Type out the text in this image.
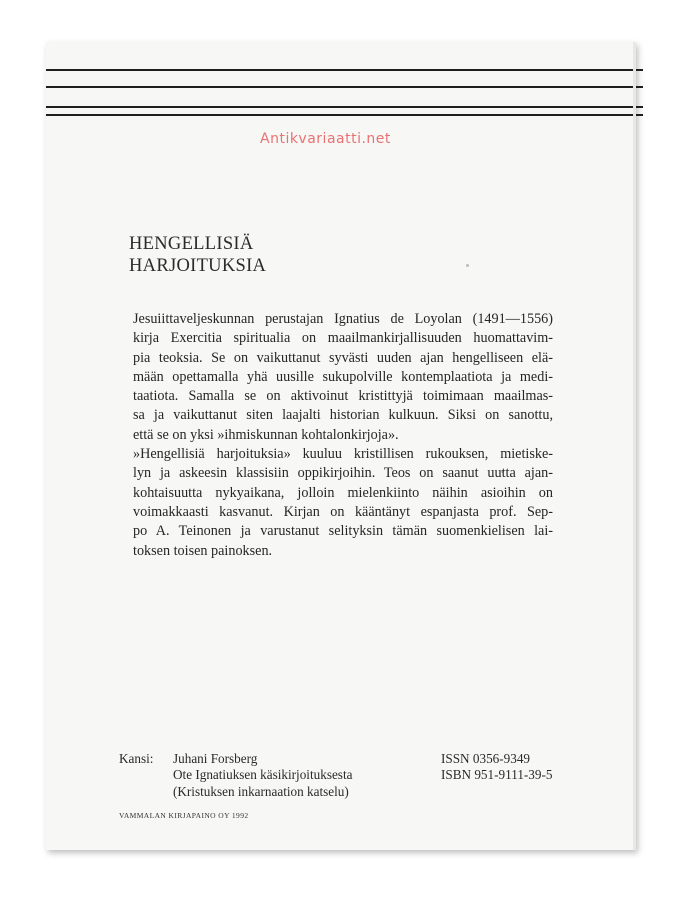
Antikvariaatti.net
HENGELLISIÄ
HARJOITUKSIA
Jesuiittaveljeskunnan perustajan Ignatius de Loyolan (1491—1556)
kirja Exercitia spiritualia on maailmankirjallisuuden huomattavim-
pia teoksia. Se on vaikuttanut syvästi uuden ajan hengelliseen elä-
mään opettamalla yhä uusille sukupolville kontemplaatiota ja medi-
taatiota. Samalla se on aktivoinut kristittyjä toimimaan maailmas-
sa ja vaikuttanut siten laajalti historian kulkuun. Siksi on sanottu,
että se on yksi »ihmiskunnan kohtalonkirjoja».
»Hengellisiä harjoituksia» kuuluu kristillisen rukouksen, mietiske-
lyn ja askeesin klassisiin oppikirjoihin. Teos on saanut uutta ajan-
kohtaisuutta nykyaikana, jolloin mielenkiinto näihin asioihin on
voimakkaasti kasvanut. Kirjan on kääntänyt espanjasta prof. Sep-
po A. Teinonen ja varustanut selityksin tämän suomenkielisen lai-
toksen toisen painoksen.
Kansi:	Juhani Forsberg
Ote Ignatiuksen käsikirjoituksesta
(Kristuksen inkarnaation katselu)
ISSN 0356-9349
ISBN 951-9111-39-5
VAMMALAN KIRJAPAINO OY 1992
